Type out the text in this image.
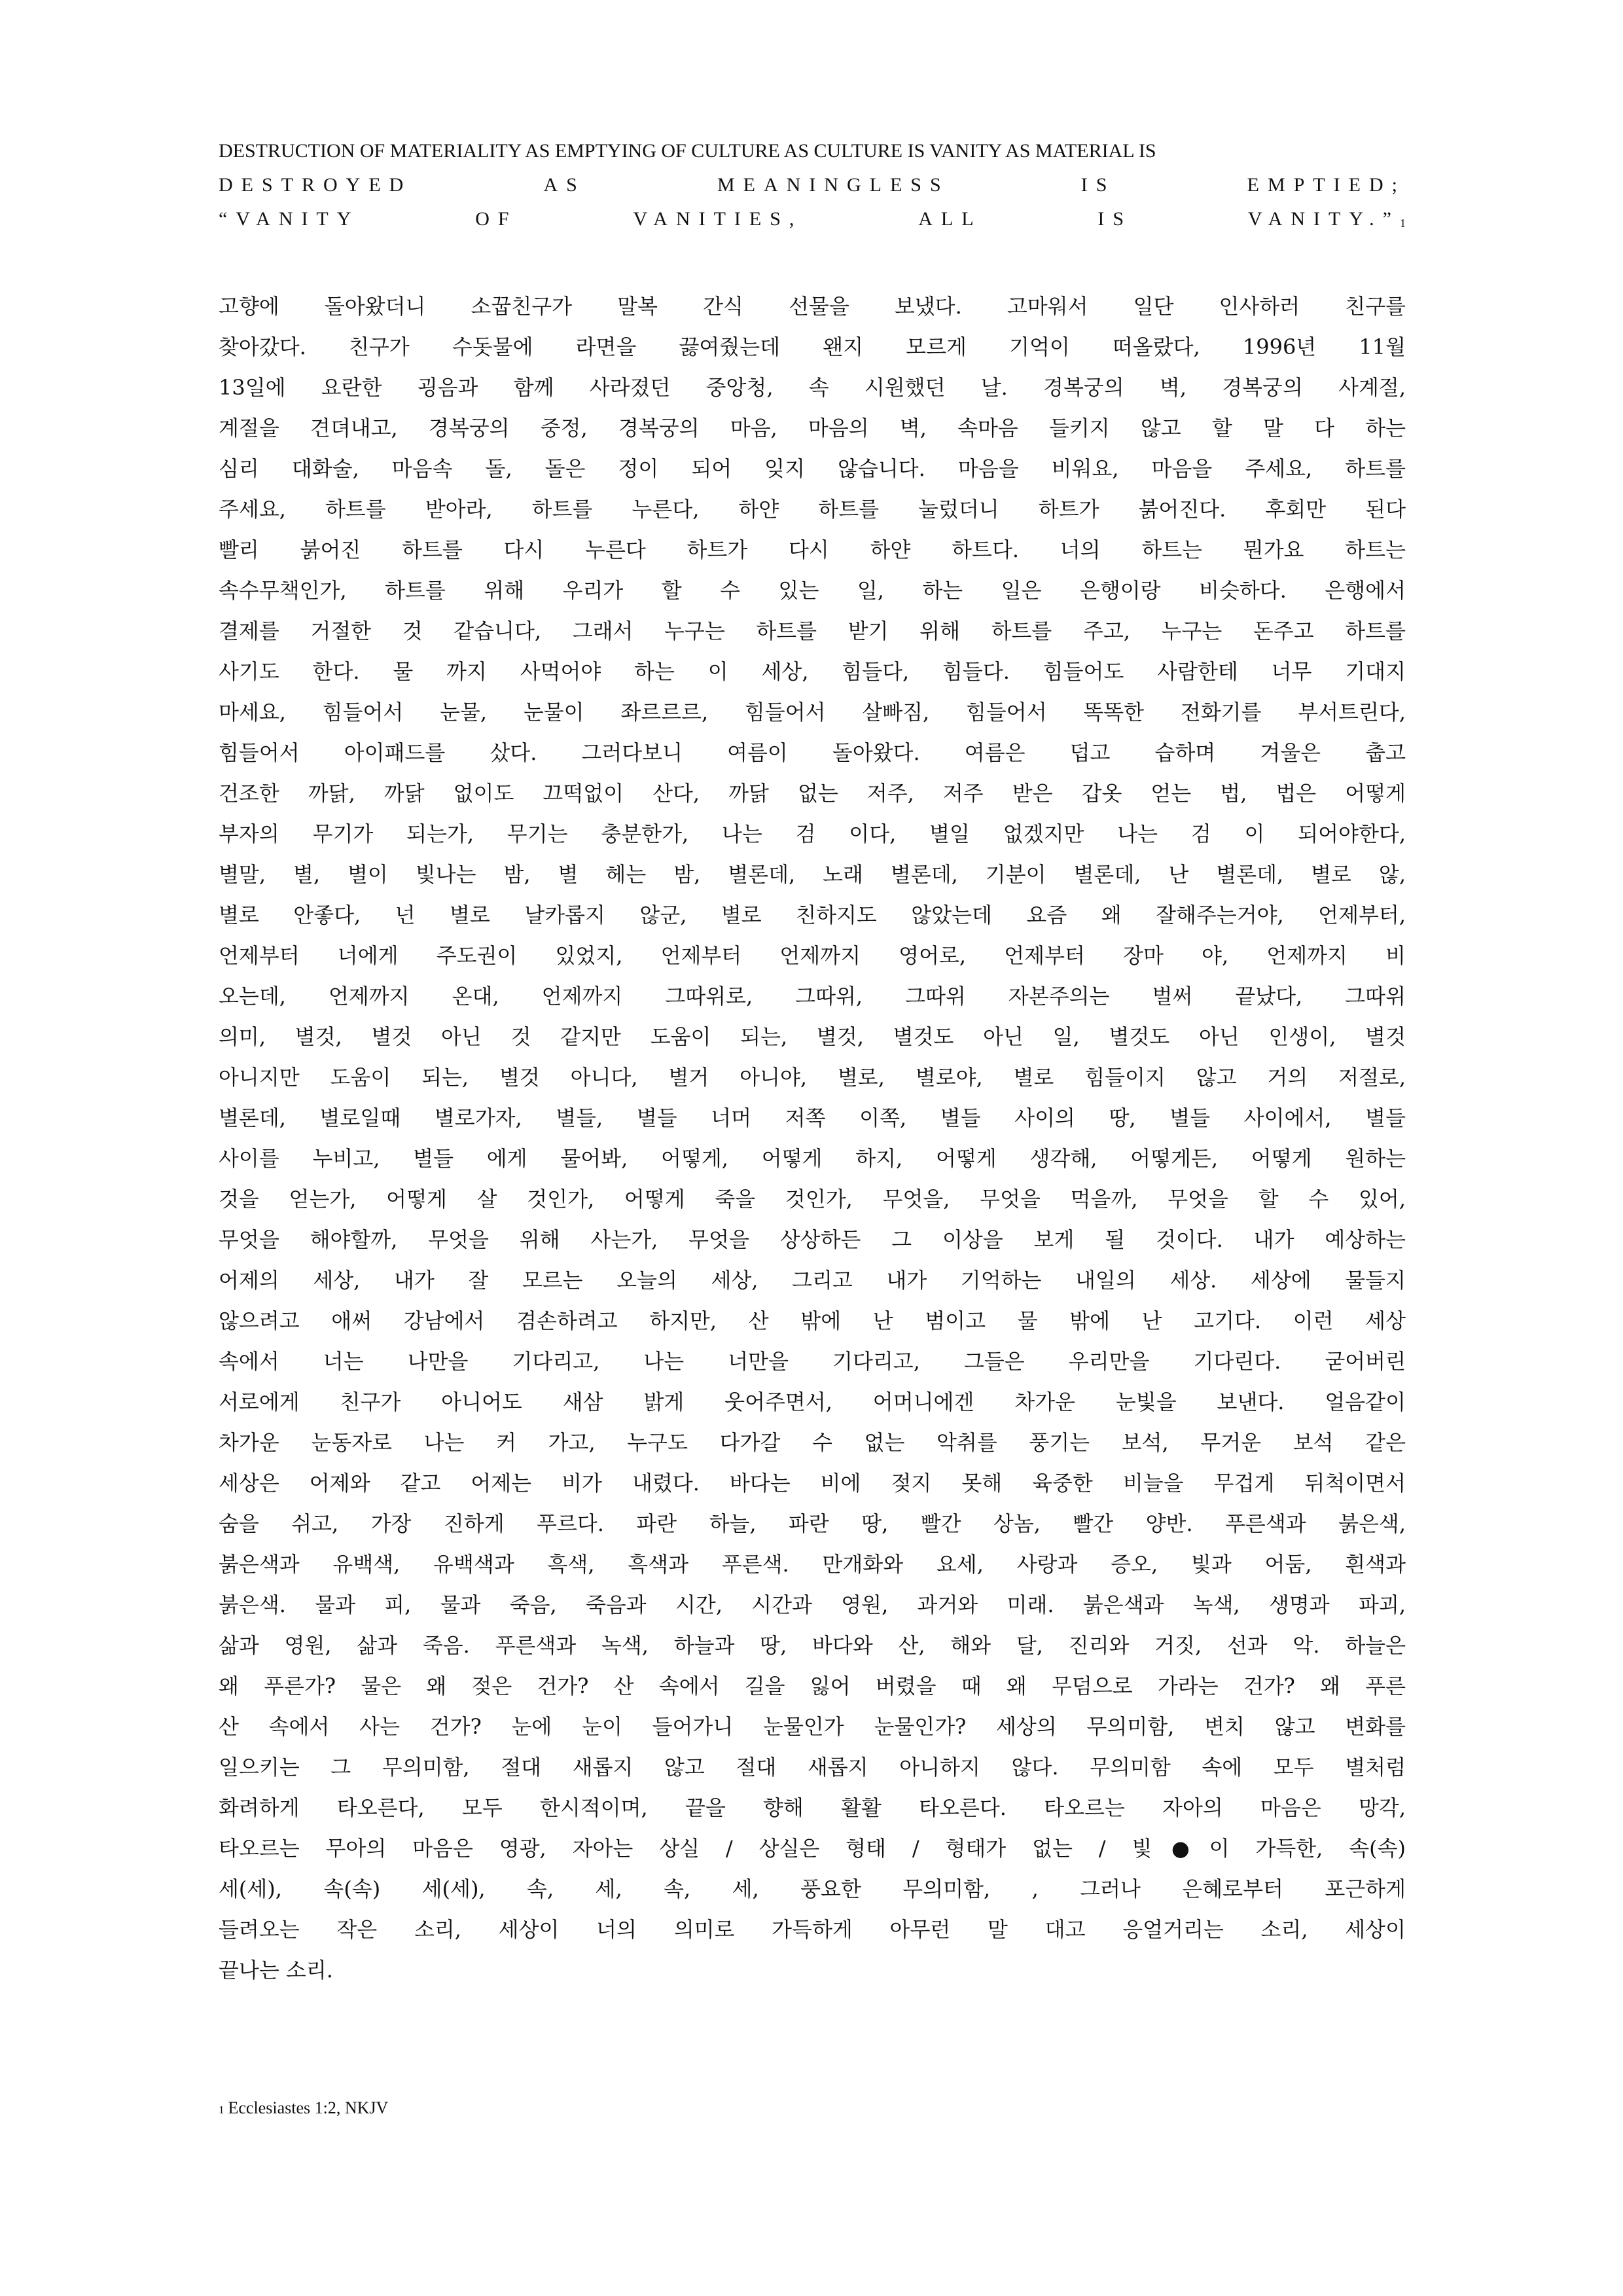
DESTRUCTION OF MATERIALITY AS EMPTYING OF CULTURE AS CULTURE IS VANITY AS MATERIAL IS
DESTROYED	AS	MEANINGLESS	IS	EMPTIED;
“VANITY	OF	VANITIES,	ALL	IS	VANITY.”1
고향에 돌아왔더니 소꿉친구가 말복 간식 선물을 보냈다. 고마워서 일단 인사하러 친구를
찾아갔다. 친구가 수돗물에 라면을 끓여줬는데 왠지 모르게 기억이 떠올랐다, 1996년 11월
13일에 요란한 굉음과 함께 사라졌던 중앙청, 속 시원했던 날. 경복궁의 벽, 경복궁의 사계절,
계절을 견뎌내고, 경복궁의 중정, 경복궁의 마음, 마음의 벽, 속마음 들키지 않고 할 말 다 하는
심리 대화술, 마음속 돌, 돌은 정이 되어 잊지 않습니다. 마음을 비워요, 마음을 주세요, 하트를
주세요, 하트를 받아라, 하트를 누른다, 하얀 하트를 눌렀더니 하트가 붉어진다. 후회만 된다
빨리 붉어진 하트를 다시 누른다 하트가 다시 하얀 하트다. 너의 하트는 뭔가요 하트는
속수무책인가, 하트를 위해 우리가 할 수 있는 일, 하는 일은 은행이랑 비슷하다. 은행에서
결제를 거절한 것 같습니다, 그래서 누구는 하트를 받기 위해 하트를 주고, 누구는 돈주고 하트를
사기도 한다. 물 까지 사먹어야 하는 이 세상, 힘들다, 힘들다. 힘들어도 사람한테 너무 기대지
마세요, 힘들어서 눈물, 눈물이 좌르르르, 힘들어서 살빠짐, 힘들어서 똑똑한 전화기를 부서트린다,
힘들어서 아이패드를 샀다. 그러다보니 여름이 돌아왔다. 여름은 덥고 습하며 겨울은 춥고
건조한 까닭, 까닭 없이도 끄떡없이 산다, 까닭 없는 저주, 저주 받은 갑옷 얻는 법, 법은 어떻게
부자의 무기가 되는가, 무기는 충분한가, 나는 검 이다, 별일 없겠지만 나는 검 이 되어야한다,
별말, 별, 별이 빛나는 밤, 별 헤는 밤, 별론데, 노래 별론데, 기분이 별론데, 난 별론데, 별로 않,
별로 안좋다, 넌 별로 날카롭지 않군, 별로 친하지도 않았는데 요즘 왜 잘해주는거야, 언제부터,
언제부터 너에게 주도권이 있었지, 언제부터 언제까지 영어로, 언제부터 장마 야, 언제까지 비
오는데, 언제까지 온대, 언제까지 그따위로, 그따위, 그따위 자본주의는 벌써 끝났다, 그따위
의미, 별것, 별것 아닌 것 같지만 도움이 되는, 별것, 별것도 아닌 일, 별것도 아닌 인생이, 별것
아니지만 도움이 되는, 별것 아니다, 별거 아니야, 별로, 별로야, 별로 힘들이지 않고 거의 저절로,
별론데, 별로일때 별로가자, 별들, 별들 너머 저쪽 이쪽, 별들 사이의 땅, 별들 사이에서, 별들
사이를 누비고, 별들 에게 물어봐, 어떻게, 어떻게 하지, 어떻게 생각해, 어떻게든, 어떻게 원하는
것을 얻는가, 어떻게 살 것인가, 어떻게 죽을 것인가, 무엇을, 무엇을 먹을까, 무엇을 할 수 있어,
무엇을 해야할까, 무엇을 위해 사는가, 무엇을 상상하든 그 이상을 보게 될 것이다. 내가 예상하는
어제의 세상, 내가 잘 모르는 오늘의 세상, 그리고 내가 기억하는 내일의 세상. 세상에 물들지
않으려고 애써 강남에서 겸손하려고 하지만, 산 밖에 난 범이고 물 밖에 난 고기다. 이런 세상
속에서 너는 나만을 기다리고, 나는 너만을 기다리고, 그들은 우리만을 기다린다. 굳어버린
서로에게 친구가 아니어도 새삼 밝게 웃어주면서, 어머니에겐 차가운 눈빛을 보낸다. 얼음같이
차가운 눈동자로 나는 커 가고, 누구도 다가갈 수 없는 악취를 풍기는 보석, 무거운 보석 같은
세상은 어제와 같고 어제는 비가 내렸다. 바다는 비에 젖지 못해 육중한 비늘을 무겁게 뒤척이면서
숨을 쉬고, 가장 진하게 푸르다. 파란 하늘, 파란 땅, 빨간 상놈, 빨간 양반. 푸른색과 붉은색,
붉은색과 유백색, 유백색과 흑색, 흑색과 푸른색. 만개화와 요세, 사랑과 증오, 빛과 어둠, 흰색과
붉은색. 물과 피, 물과 죽음, 죽음과 시간, 시간과 영원, 과거와 미래. 붉은색과 녹색, 생명과 파괴,
삶과 영원, 삶과 죽음. 푸른색과 녹색, 하늘과 땅, 바다와 산, 해와 달, 진리와 거짓, 선과 악. 하늘은
왜 푸른가? 물은 왜 젖은 건가? 산 속에서 길을 잃어 버렸을 때 왜 무덤으로 가라는 건가? 왜 푸른
산 속에서 사는 건가? 눈에 눈이 들어가니 눈물인가 눈물인가? 세상의 무의미함, 변치 않고 변화를
일으키는 그 무의미함, 절대 새롭지 않고 절대 새롭지 아니하지 않다. 무의미함 속에 모두 별처럼
화려하게 타오른다, 모두 한시적이며, 끝을 향해 활활 타오른다. 타오르는 자아의 마음은 망각,
타오르는 무아의 마음은 영광, 자아는 상실 / 상실은 형태 / 형태가 없는 / 빛●이 가득한, 속(속)
세(세), 속(속) 세(세), 속, 세, 속, 세, 풍요한 무의미함, , 그러나 은혜로부터 포근하게
들려오는 작은 소리, 세상이 너의 의미로 가득하게 아무런 말 대고 응얼거리는 소리, 세상이
끝나는 소리.
1 Ecclesiastes 1:2, NKJV
